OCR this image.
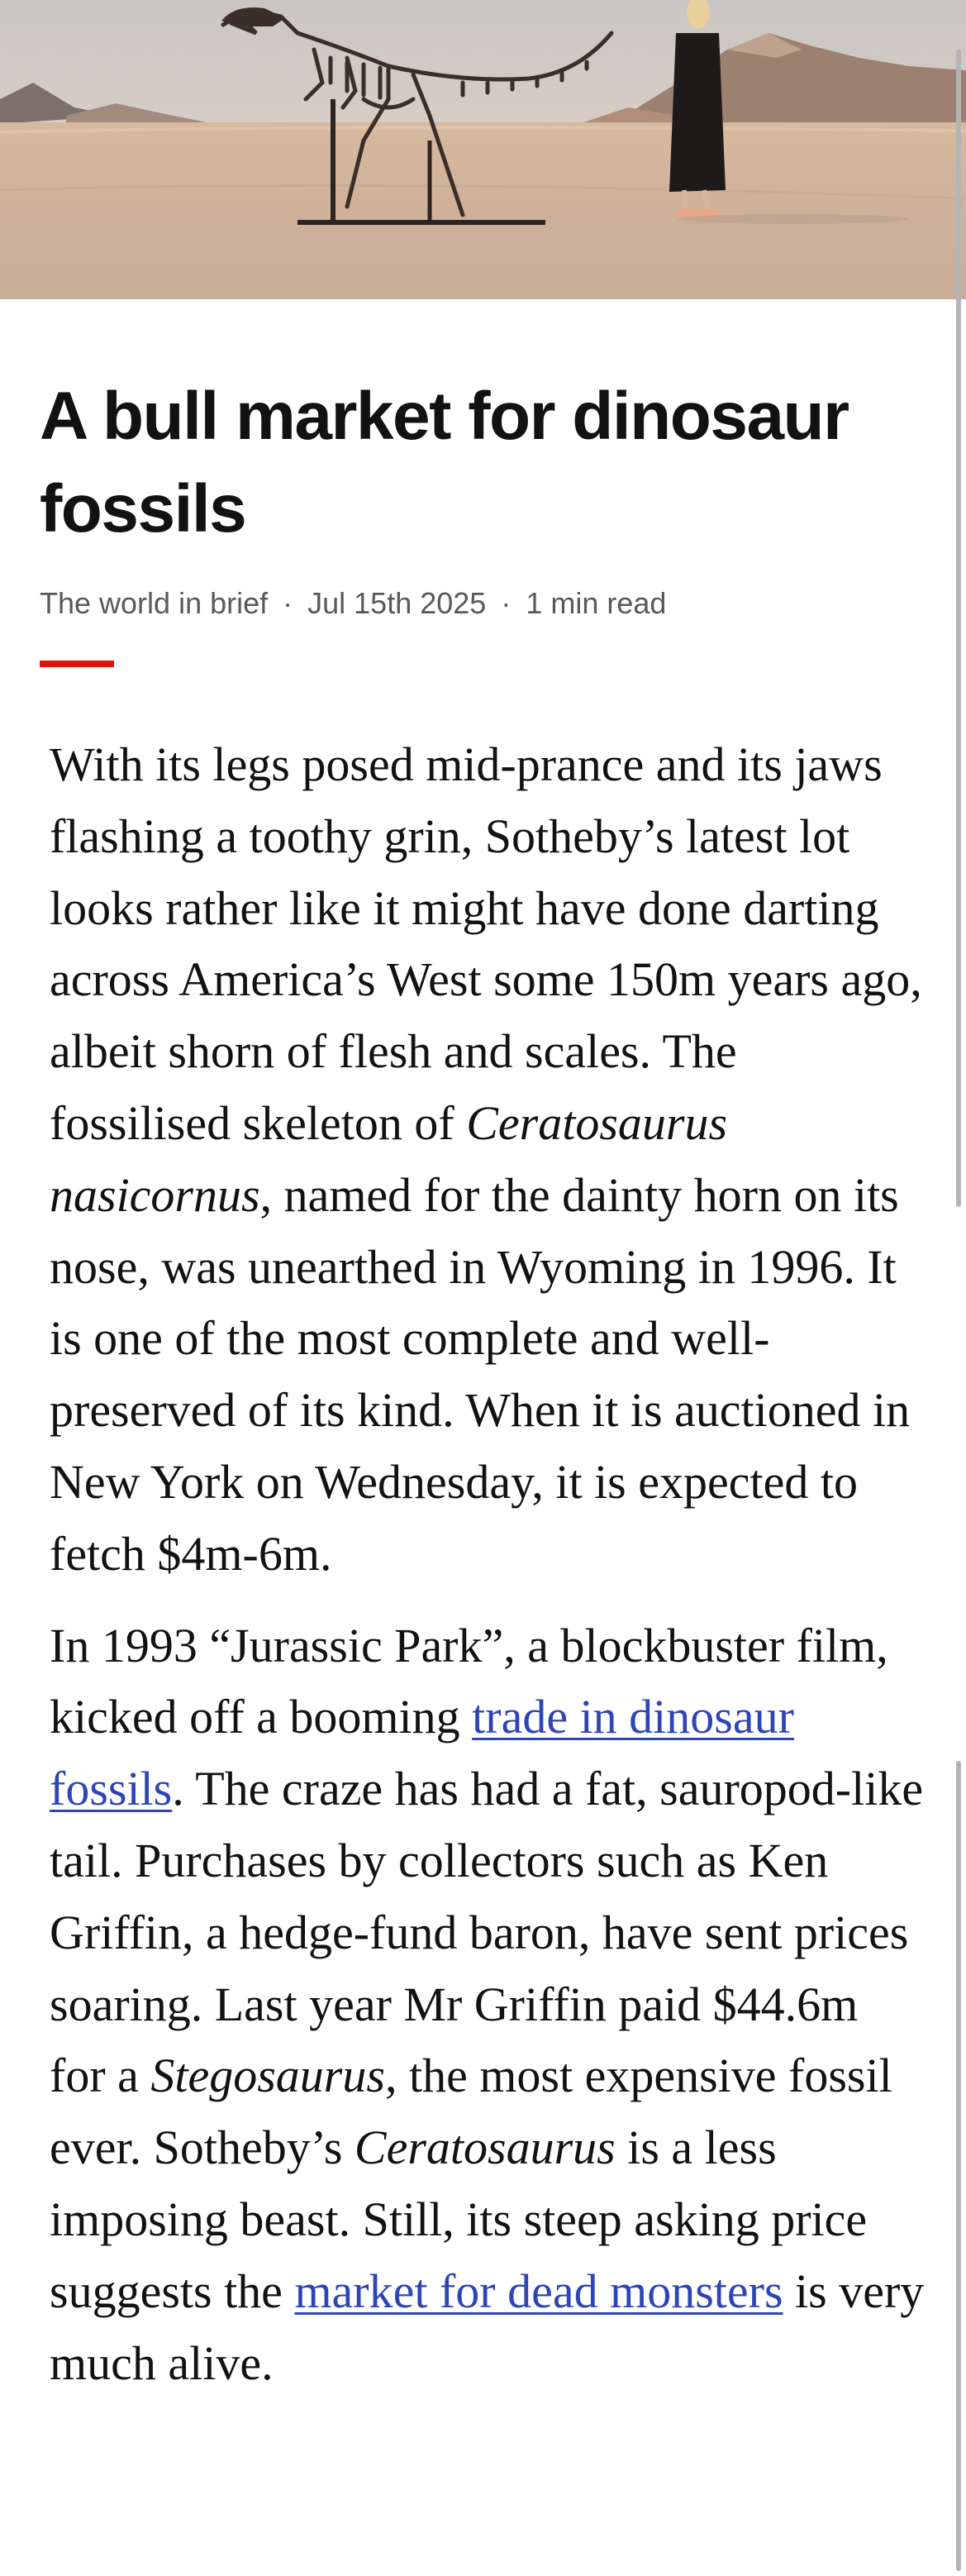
A bull market for dinosaur fossils
The world in brief · Jul 15th 2025 · 1 min read

With its legs posed mid-prance and its jaws flashing a toothy grin, Sotheby’s latest lot looks rather like it might have done darting across America’s West some 150m years ago, albeit shorn of flesh and scales. The fossilised skeleton of Ceratosaurus nasicornus, named for the dainty horn on its nose, was unearthed in Wyoming in 1996. It is one of the most complete and well-preserved of its kind. When it is auctioned in New York on Wednesday, it is expected to fetch $4m-6m.

In 1993 “Jurassic Park”, a blockbuster film, kicked off a booming trade in dinosaur fossils. The craze has had a fat, sauropod-like tail. Purchases by collectors such as Ken Griffin, a hedge-fund baron, have sent prices soaring. Last year Mr Griffin paid $44.6m for a Stegosaurus, the most expensive fossil ever. Sotheby’s Ceratosaurus is a less imposing beast. Still, its steep asking price suggests the market for dead monsters is very much alive.
